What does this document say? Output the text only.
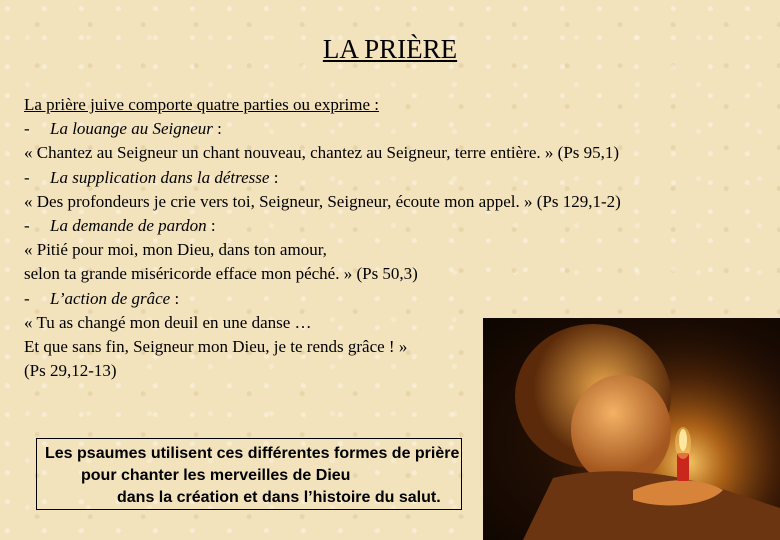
LA PRIÈRE
La prière juive comporte quatre parties ou exprime :
- La louange au Seigneur :
« Chantez au Seigneur un chant nouveau, chantez au Seigneur, terre entière. » (Ps 95,1)
- La supplication dans la détresse :
« Des profondeurs je crie vers toi, Seigneur, Seigneur, écoute mon appel. » (Ps 129,1-2)
- La demande de pardon :
« Pitié pour moi, mon Dieu, dans ton amour,
selon ta grande miséricorde efface mon péché. » (Ps 50,3)
- L’action de grâce :
« Tu as changé mon deuil en une danse …
Et que sans fin, Seigneur mon Dieu, je te rends grâce ! »
(Ps 29,12-13)
Les psaumes utilisent ces différentes formes de prière
pour chanter les merveilles de Dieu
dans la création et dans l’histoire du salut.
